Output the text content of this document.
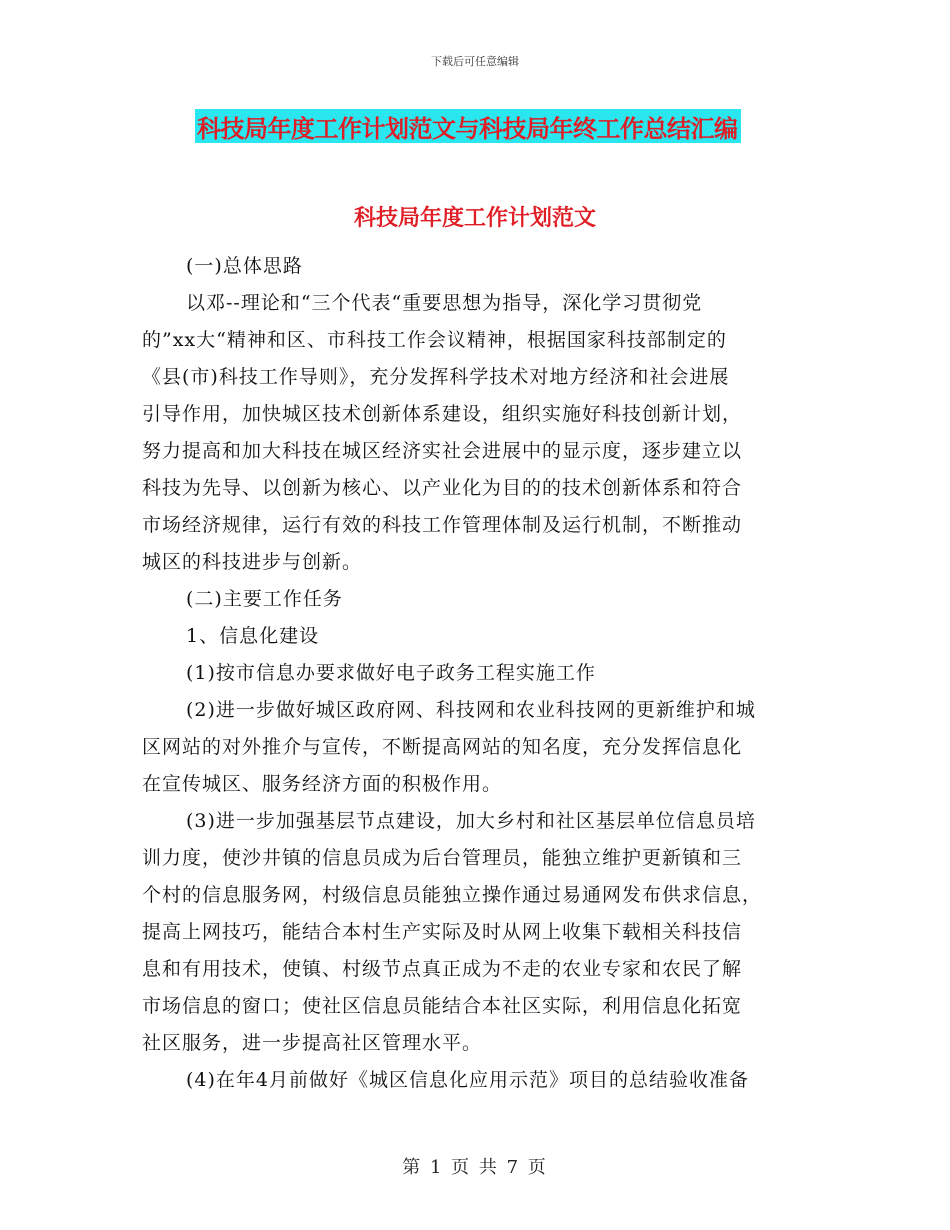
下载后可任意编辑
科技局年度工作计划范文与科技局年终工作总结汇编
科技局年度工作计划范文

(一)总体思路

以邓--理论和“三个代表“重要思想为指导，深化学习贯彻党

的”xx大“精神和区、市科技工作会议精神，根据国家科技部制定的

《县(市)科技工作导则》，充分发挥科学技术对地方经济和社会进展

引导作用，加快城区技术创新体系建设，组织实施好科技创新计划，

努力提高和加大科技在城区经济实社会进展中的显示度，逐步建立以

科技为先导、以创新为核心、以产业化为目的的技术创新体系和符合

市场经济规律，运行有效的科技工作管理体制及运行机制，不断推动

城区的科技进步与创新。

(二)主要工作任务

1、信息化建设

(1)按市信息办要求做好电子政务工程实施工作

(2)进一步做好城区政府网、科技网和农业科技网的更新维护和城

区网站的对外推介与宣传，不断提高网站的知名度，充分发挥信息化

在宣传城区、服务经济方面的积极作用。

(3)进一步加强基层节点建设，加大乡村和社区基层单位信息员培

训力度，使沙井镇的信息员成为后台管理员，能独立维护更新镇和三

个村的信息服务网，村级信息员能独立操作通过易通网发布供求信息，

提高上网技巧，能结合本村生产实际及时从网上收集下载相关科技信

息和有用技术，使镇、村级节点真正成为不走的农业专家和农民了解

市场信息的窗口；使社区信息员能结合本社区实际，利用信息化拓宽

社区服务，进一步提高社区管理水平。

(4)在年4月前做好《城区信息化应用示范》项目的总结验收准备

第 1 页 共 7 页
